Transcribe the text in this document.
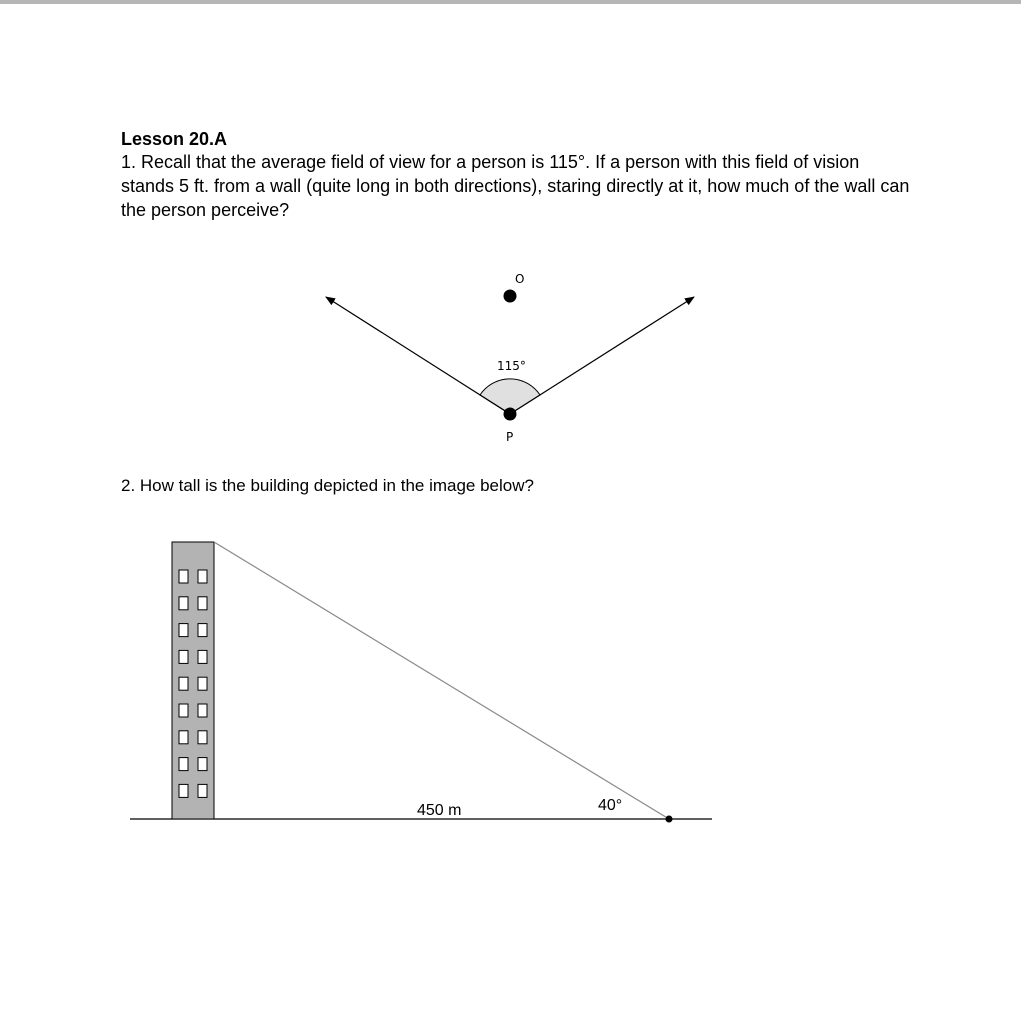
Lesson 20.A
1. Recall that the average field of view for a person is 115°. If a person with this field of vision stands 5 ft. from a wall (quite long in both directions), staring directly at it, how much of the wall can the person perceive?
O
P
115°
2. How tall is the building depicted in the image below?
450 m	40°
